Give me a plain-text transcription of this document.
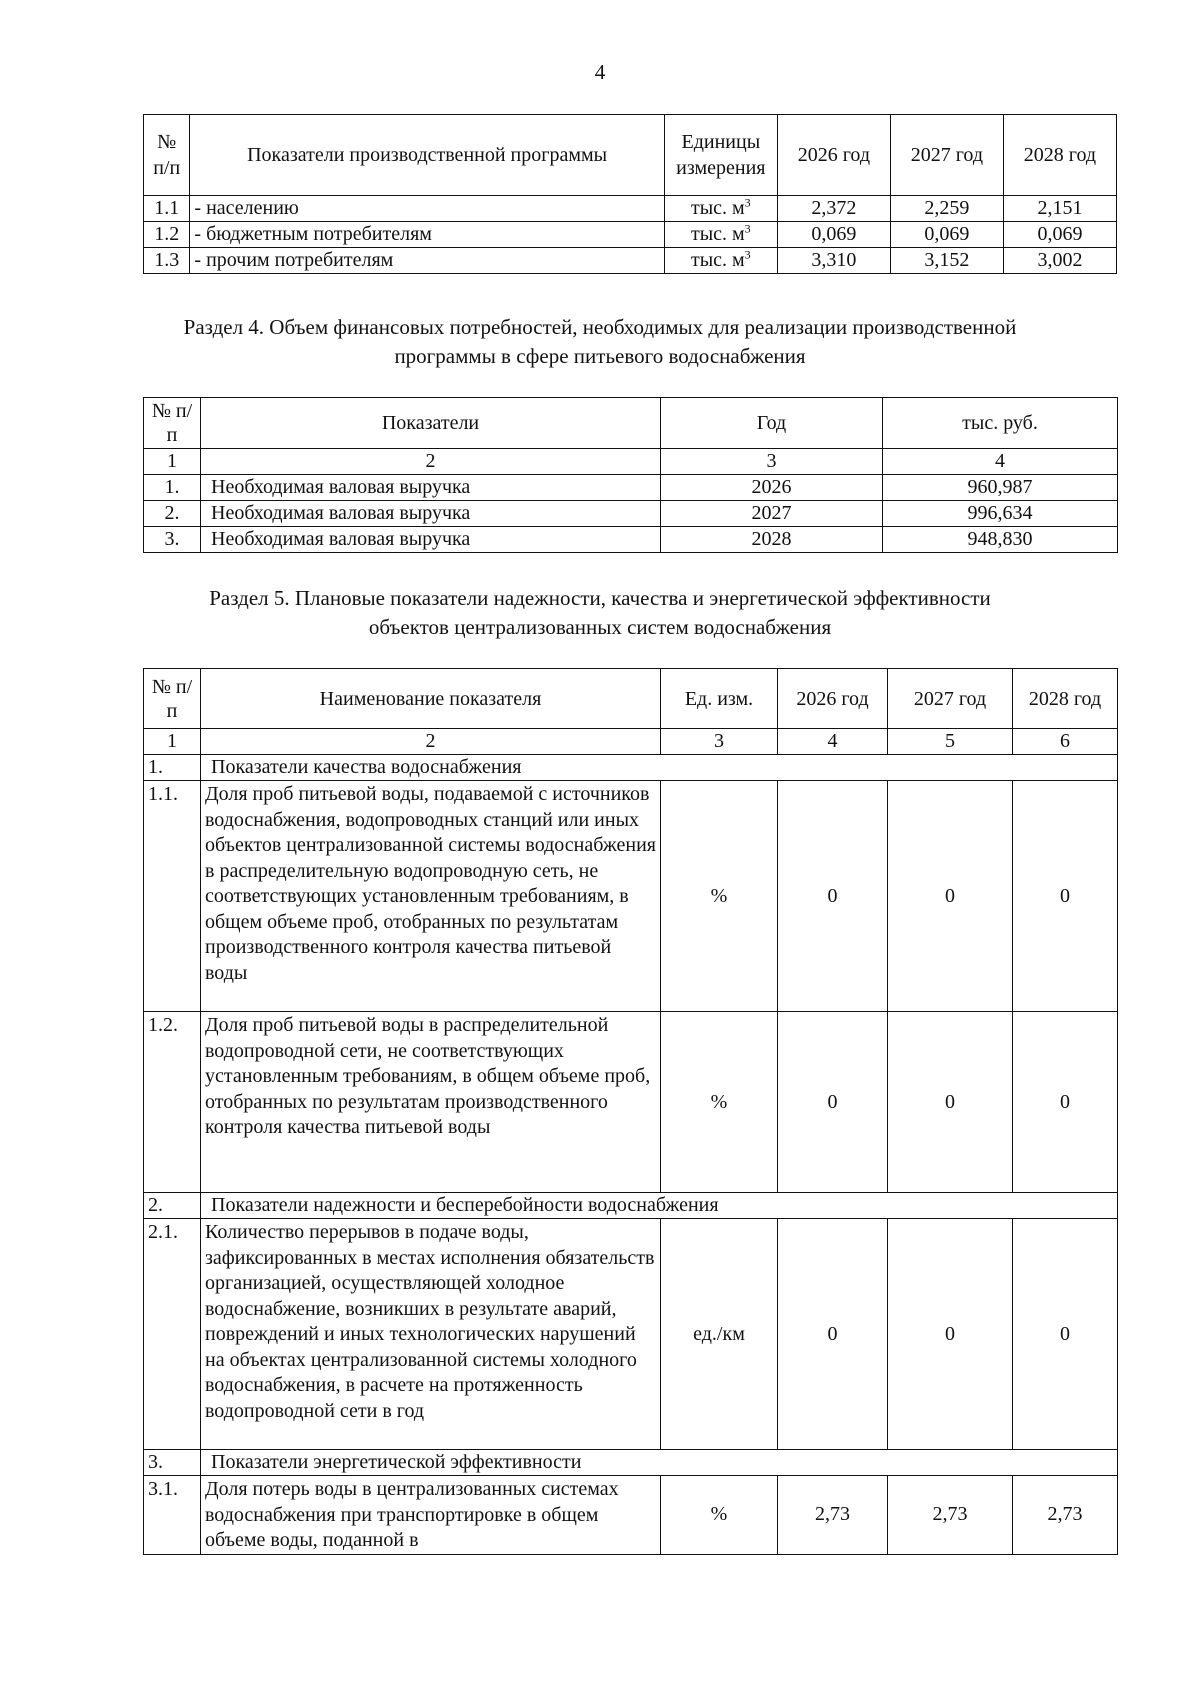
4
№ п/п	Показатели производственной программы	Единицы измерения	2026 год	2027 год	2028 год
1.1	- населению	тыс. $м^3$	2,372	2,259	2,151
1.2	- бюджетным потребителям	тыс. $м^3$	0,069	0,069	0,069
1.3	- прочим потребителям	тыс. $м^3$	3,310	3,152	3,002
Раздел 4. Объем финансовых потребностей, необходимых для реализации производственной
программы в сфере питьевого водоснабжения
№ п/п	Показатели	Год	тыс. руб.
1	2	3	4
1.	Необходимая валовая выручка	2026	960,987
2.	Необходимая валовая выручка	2027	996,634
3.	Необходимая валовая выручка	2028	948,830
Раздел 5. Плановые показатели надежности, качества и энергетической эффективности
объектов централизованных систем водоснабжения
№ п/п	Наименование показателя	Ед. изм.	2026 год	2027 год	2028 год
1	2	3	4	5	6
1.	Показатели качества водоснабжения				
1.1.	Доля проб питьевой воды, подаваемой с источников водоснабжения, водопроводных станций или иных объектов централизованной системы водоснабжения в распределительную водопроводную сеть, не соответствующих установленным требованиям, в общем объеме проб, отобранных по результатам производственного контроля качества питьевой воды	%	0	0	0
1.2.	Доля проб питьевой воды в распределительной водопроводной сети, не соответствующих установленным требованиям, в общем объеме проб, отобранных по результатам производственного контроля качества питьевой воды	%	0	0	0
2.	Показатели надежности и бесперебойности водоснабжения				
2.1.	Количество перерывов в подаче воды, зафиксированных в местах исполнения обязательств организацией, осуществляющей холодное водоснабжение, возникших в результате аварий, повреждений и иных технологических нарушений на объектах централизованной системы холодного водоснабжения, в расчете на протяженность водопроводной сети в год	ед./км	0	0	0
3.	Показатели энергетической эффективности				
3.1.	Доля потерь воды в централизованных системах водоснабжения при транспортировке в общем объеме воды, поданной в	%	2,73	2,73	2,73
